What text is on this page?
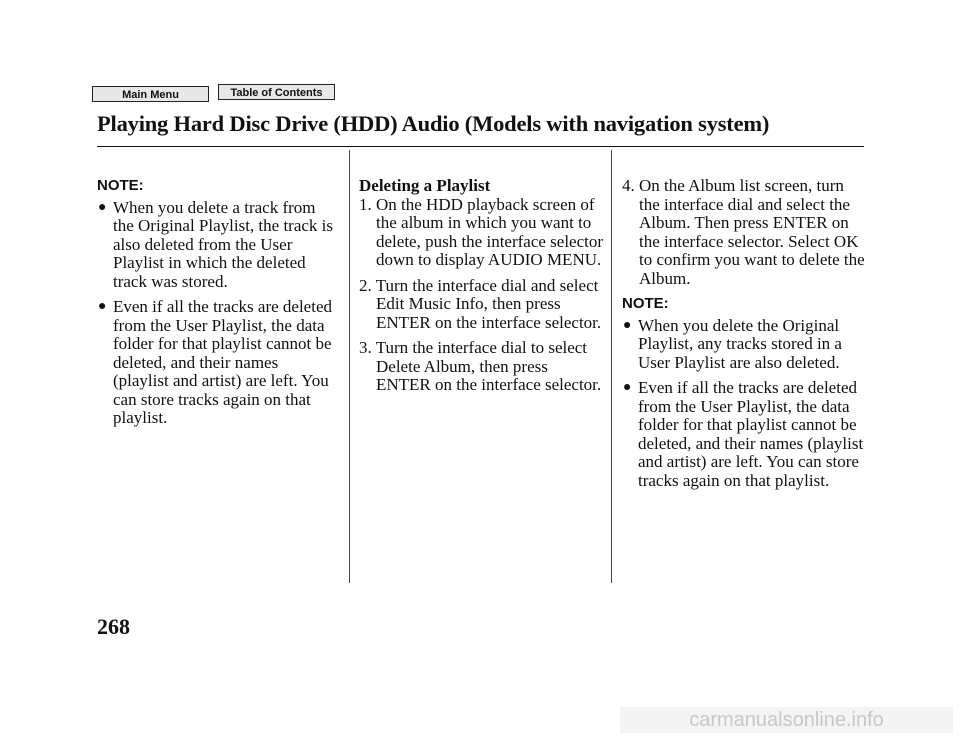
Main Menu	Table of Contents
Playing Hard Disc Drive (HDD) Audio (Models with navigation system)
NOTE:
● When you delete a track from the Original Playlist, the track is also deleted from the User Playlist in which the deleted track was stored.
● Even if all the tracks are deleted from the User Playlist, the data folder for that playlist cannot be deleted, and their names (playlist and artist) are left. You can store tracks again on that playlist.
Deleting a Playlist
1. On the HDD playback screen of the album in which you want to delete, push the interface selector down to display AUDIO MENU.
2. Turn the interface dial and select Edit Music Info, then press ENTER on the interface selector.
3. Turn the interface dial to select Delete Album, then press ENTER on the interface selector.
4. On the Album list screen, turn the interface dial and select the Album. Then press ENTER on the interface selector. Select OK to confirm you want to delete the Album.
NOTE:
● When you delete the Original Playlist, any tracks stored in a User Playlist are also deleted.
● Even if all the tracks are deleted from the User Playlist, the data folder for that playlist cannot be deleted, and their names (playlist and artist) are left. You can store tracks again on that playlist.
268
carmanualsonline.info
